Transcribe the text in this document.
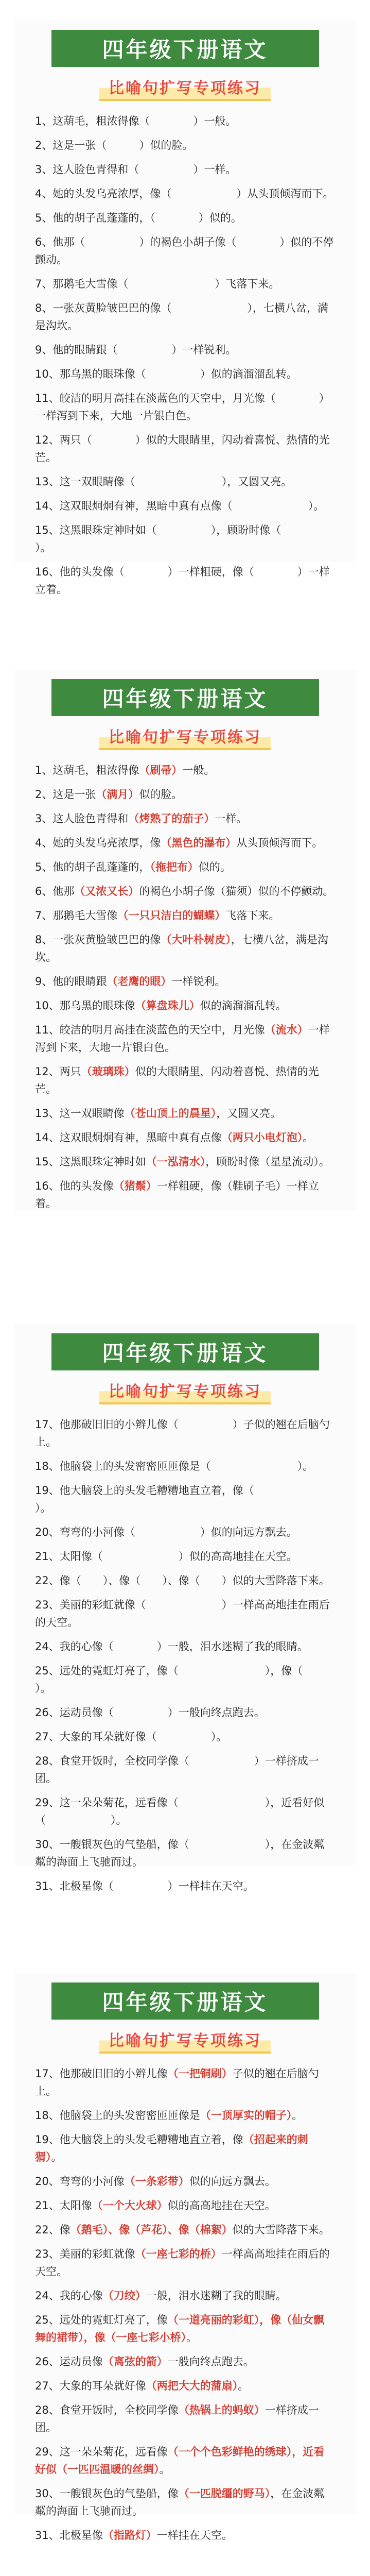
四年级下册语文
比喻句扩写专项练习
1、这葫毛，粗浓得像（　　　　）一般。
2、这是一张（　　　）似的脸。
3、这人脸色青得和（　　　　　）一样。
4、她的头发乌亮浓厚，像（　　　　　　）从头顶倾泻而下。
5、他的胡子乱蓬蓬的，（　　　　）似的。
6、他那（　　　　　）的褐色小胡子像（　　　　）似的不停颤动。
7、那鹅毛大雪像（　　　　　　　　）飞落下来。
8、一张灰黄脸皱巴巴的像（　　　　　　　），七横八岔，满是沟坎。
9、他的眼睛跟（　　　　　）一样锐利。
10、那乌黑的眼珠像（　　　　　）似的滴溜溜乱转。
11、皎洁的明月高挂在淡蓝色的天空中，月光像（　　　　）一样泻到下来，大地一片银白色。
12、两只（　　　　）似的大眼睛里，闪动着喜悦、热情的光芒。
13、这一双眼睛像（　　　　　　　　），又圆又亮。
14、这双眼炯炯有神，黑暗中真有点像（　　　　　　　）。
15、这黑眼珠定神时如（　　　　　），顾盼时像（　　　　　）。
16、他的头发像（　　　　）一样粗硬，像（　　　　）一样立着。
四年级下册语文
比喻句扩写专项练习
1、这葫毛，粗浓得像（刷帚）一般。
2、这是一张（满月）似的脸。
3、这人脸色青得和（烤熟了的茄子）一样。
4、她的头发乌亮浓厚，像（黑色的瀑布）从头顶倾泻而下。
5、他的胡子乱蓬蓬的，（拖把布）似的。
6、他那（又浓又长）的褐色小胡子像（猫须）似的不停颤动。
7、那鹅毛大雪像（一只只洁白的蝴蝶）飞落下来。
8、一张灰黄脸皱巴巴的像（大叶朴树皮），七横八岔，满是沟坎。
9、他的眼睛跟（老鹰的眼）一样锐利。
10、那乌黑的眼珠像（算盘珠儿）似的滴溜溜乱转。
11、皎洁的明月高挂在淡蓝色的天空中，月光像（流水）一样泻到下来，大地一片银白色。
12、两只（玻璃珠）似的大眼睛里，闪动着喜悦、热情的光芒。
13、这一双眼睛像（苍山顶上的晨星），又圆又亮。
14、这双眼炯炯有神，黑暗中真有点像（两只小电灯泡）。
15、这黑眼珠定神时如（一泓清水），顾盼时像（星星流动）。
16、他的头发像（猪鬃）一样粗硬，像（鞋刷子毛）一样立着。
四年级下册语文
比喻句扩写专项练习
17、他那破旧旧的小辫儿像（　　　　　）子似的翘在后脑勺上。
18、他脑袋上的头发密密匝匝像是（　　　　　　　　）。
19、他大脑袋上的头发毛糟糟地直立着，像（　　　　　　）。
20、弯弯的小河像（　　　　　　）似的向远方飘去。
21、太阳像（　　　　　　　）似的高高地挂在天空。
22、像（　　）、像（　　）、像（　　）似的大雪降落下来。
23、美丽的彩虹就像（　　　　　　　）一样高高地挂在雨后的天空。
24、我的心像（　　　　）一般，泪水迷糊了我的眼睛。
25、远处的霓虹灯亮了，像（　　　　　　　　），像（　　　　）。
26、运动员像（　　　　　）一般向终点跑去。
27、大象的耳朵就好像（　　　　　）。
28、食堂开饭时，全校同学像（　　　　　　）一样挤成一团。
29、这一朵朵菊花，远看像（　　　　　　　　），近看好似（　　　　　　）。
30、一艘银灰色的气垫船，像（　　　　　　　），在金波粼粼的海面上飞驰而过。
31、北极星像（　　　　　）一样挂在天空。
四年级下册语文
比喻句扩写专项练习
17、他那破旧旧的小辫儿像（一把铜刷）子似的翘在后脑勺上。
18、他脑袋上的头发密密匝匝像是（一顶厚实的帽子）。
19、他大脑袋上的头发毛糟糟地直立着，像（招起来的刺猬）。
20、弯弯的小河像（一条彩带）似的向远方飘去。
21、太阳像（一个大火球）似的高高地挂在天空。
22、像（鹅毛）、像（芦花）、像（棉絮）似的大雪降落下来。
23、美丽的彩虹就像（一座七彩的桥）一样高高地挂在雨后的天空。
24、我的心像（刀绞）一般，泪水迷糊了我的眼睛。
25、远处的霓虹灯亮了，像（一道亮丽的彩虹），像（仙女飘舞的裙带），像（一座七彩小桥）。
26、运动员像（离弦的箭）一般向终点跑去。
27、大象的耳朵就好像（两把大大的蒲扇）。
28、食堂开饭时，全校同学像（热锅上的蚂蚁）一样挤成一团。
29、这一朵朵菊花，远看像（一个个色彩鲜艳的绣球），近看好似（一匹匹温暖的丝绸）。
30、一艘银灰色的气垫船，像（一匹脱缰的野马），在金波粼粼的海面上飞驰而过。
31、北极星像（指路灯）一样挂在天空。
